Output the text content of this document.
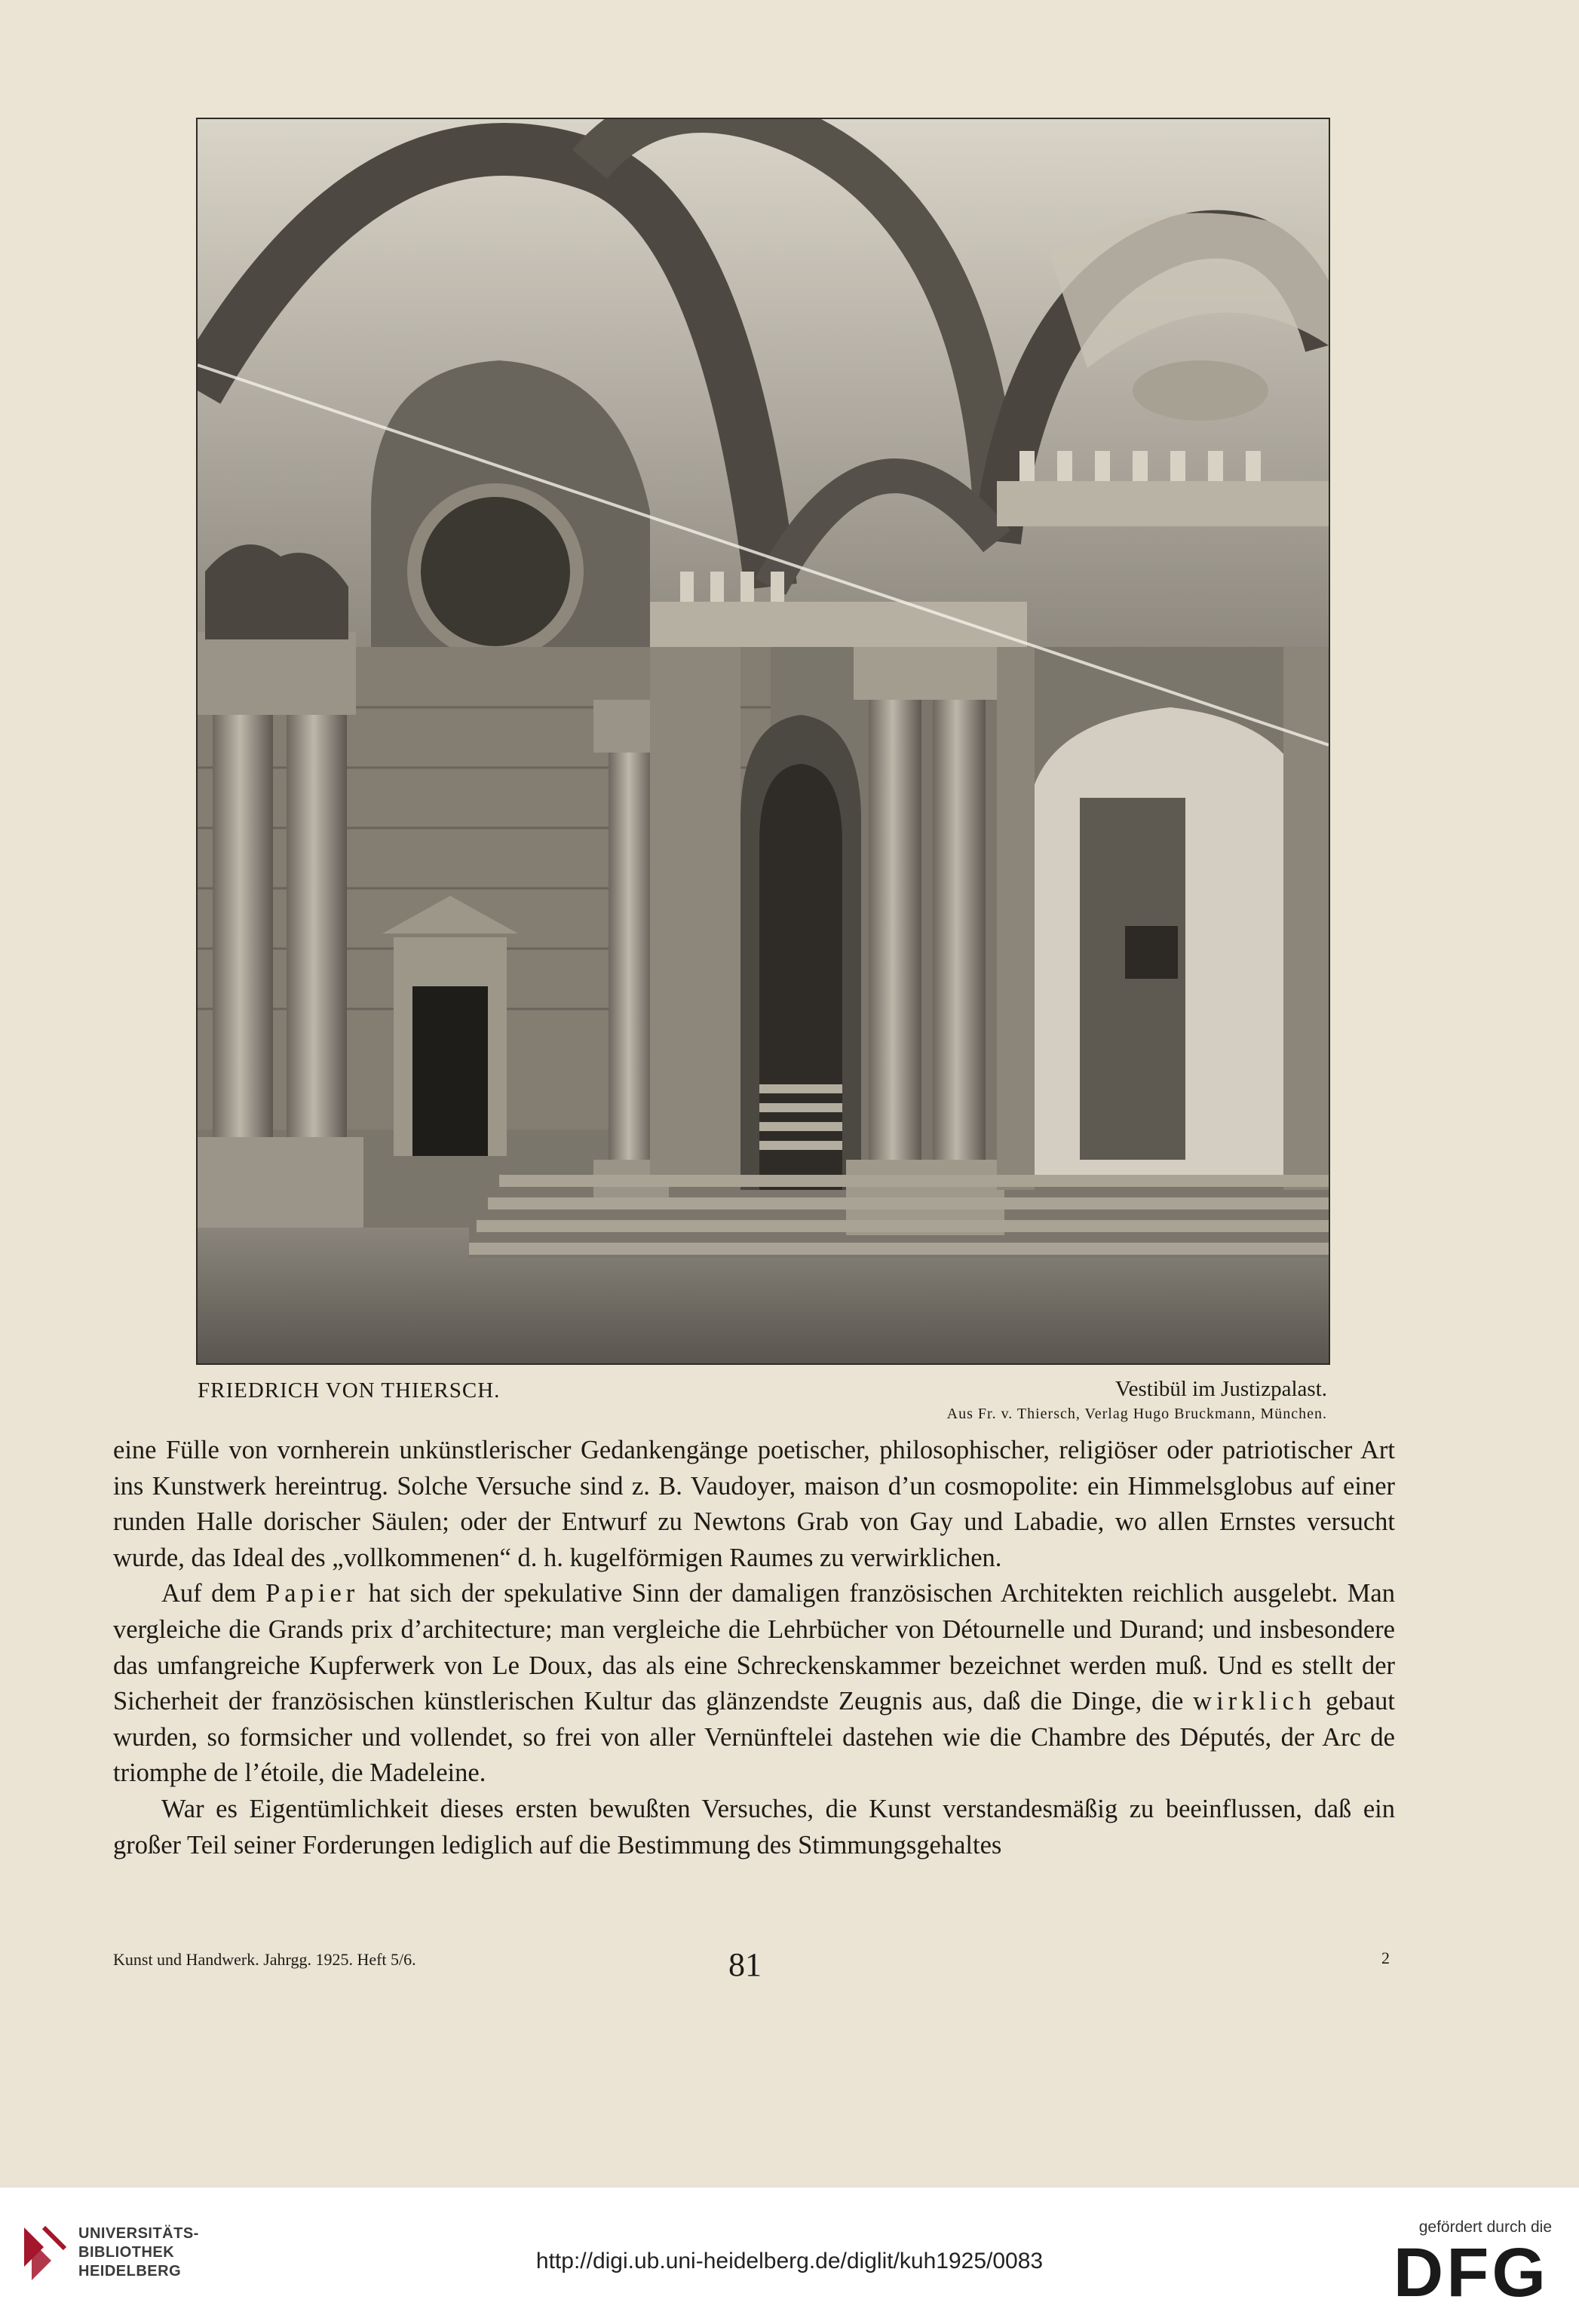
FRIEDRICH VON THIERSCH.	Vestibül im Justizpalast.
Aus Fr. v. Thiersch, Verlag Hugo Bruckmann, München.

eine Fülle von vornherein unkünstlerischer Gedankengänge poetischer, philosophischer, religiöser oder patriotischer Art ins Kunstwerk hereintrug. Solche Versuche sind z. B. Vaudoyer, maison d’un cosmopolite: ein Himmelsglobus auf einer runden Halle dorischer Säulen; oder der Entwurf zu Newtons Grab von Gay und Labadie, wo allen Ernstes versucht wurde, das Ideal des „vollkommenen“ d. h. kugelförmigen Raumes zu verwirklichen.

Auf dem Papier hat sich der spekulative Sinn der damaligen französischen Architekten reichlich ausgelebt. Man vergleiche die Grands prix d’architecture; man vergleiche die Lehrbücher von Détournelle und Durand; und insbesondere das umfangreiche Kupferwerk von Le Doux, das als eine Schreckenskammer bezeichnet werden muß. Und es stellt der Sicherheit der französischen künstlerischen Kultur das glänzendste Zeugnis aus, daß die Dinge, die wirklich gebaut wurden, so formsicher und vollendet, so frei von aller Vernünftelei dastehen wie die Chambre des Députés, der Arc de triomphe de l’étoile, die Madeleine.

War es Eigentümlichkeit dieses ersten bewußten Versuches, die Kunst verstandesmäßig zu beeinflussen, daß ein großer Teil seiner Forderungen lediglich auf die Bestimmung des Stimmungsgehaltes

Kunst und Handwerk. Jahrgg. 1925. Heft 5/6.	81	2
UNIVERSITÄTS-
BIBLIOTHEK
HEIDELBERG	http://digi.ub.uni-heidelberg.de/diglit/kuh1925/0083
gefördert durch die
DFG
